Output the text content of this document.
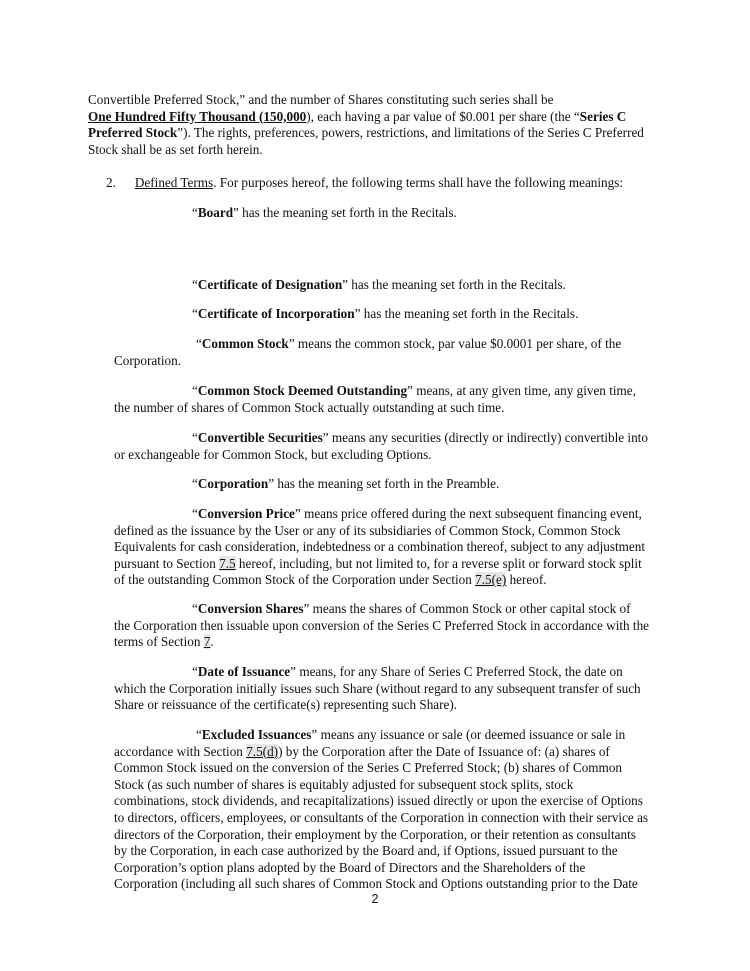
Convertible Preferred Stock,” and the number of Shares constituting such series shall be
One Hundred Fifty Thousand (150,000), each having a par value of $0.001 per share (the “Series C
Preferred Stock”). The rights, preferences, powers, restrictions, and limitations of the Series C Preferred
Stock shall be as set forth herein.
2. Defined Terms. For purposes hereof, the following terms shall have the following meanings:
“Board” has the meaning set forth in the Recitals.
“Certificate of Designation” has the meaning set forth in the Recitals.
“Certificate of Incorporation” has the meaning set forth in the Recitals.
“Common Stock” means the common stock, par value $0.0001 per share, of the
Corporation.
“Common Stock Deemed Outstanding” means, at any given time, any given time,
the number of shares of Common Stock actually outstanding at such time.
“Convertible Securities” means any securities (directly or indirectly) convertible into
or exchangeable for Common Stock, but excluding Options.
“Corporation” has the meaning set forth in the Preamble.
“Conversion Price” means price offered during the next subsequent financing event,
defined as the issuance by the User or any of its subsidiaries of Common Stock, Common Stock
Equivalents for cash consideration, indebtedness or a combination thereof, subject to any adjustment
pursuant to Section 7.5 hereof, including, but not limited to, for a reverse split or forward stock split
of the outstanding Common Stock of the Corporation under Section 7.5(e) hereof.
“Conversion Shares” means the shares of Common Stock or other capital stock of
the Corporation then issuable upon conversion of the Series C Preferred Stock in accordance with the
terms of Section 7.
“Date of Issuance” means, for any Share of Series C Preferred Stock, the date on
which the Corporation initially issues such Share (without regard to any subsequent transfer of such
Share or reissuance of the certificate(s) representing such Share).
“Excluded Issuances” means any issuance or sale (or deemed issuance or sale in
accordance with Section 7.5(d)) by the Corporation after the Date of Issuance of: (a) shares of
Common Stock issued on the conversion of the Series C Preferred Stock; (b) shares of Common
Stock (as such number of shares is equitably adjusted for subsequent stock splits, stock
combinations, stock dividends, and recapitalizations) issued directly or upon the exercise of Options
to directors, officers, employees, or consultants of the Corporation in connection with their service as
directors of the Corporation, their employment by the Corporation, or their retention as consultants
by the Corporation, in each case authorized by the Board and, if Options, issued pursuant to the
Corporation’s option plans adopted by the Board of Directors and the Shareholders of the
Corporation (including all such shares of Common Stock and Options outstanding prior to the Date
2
